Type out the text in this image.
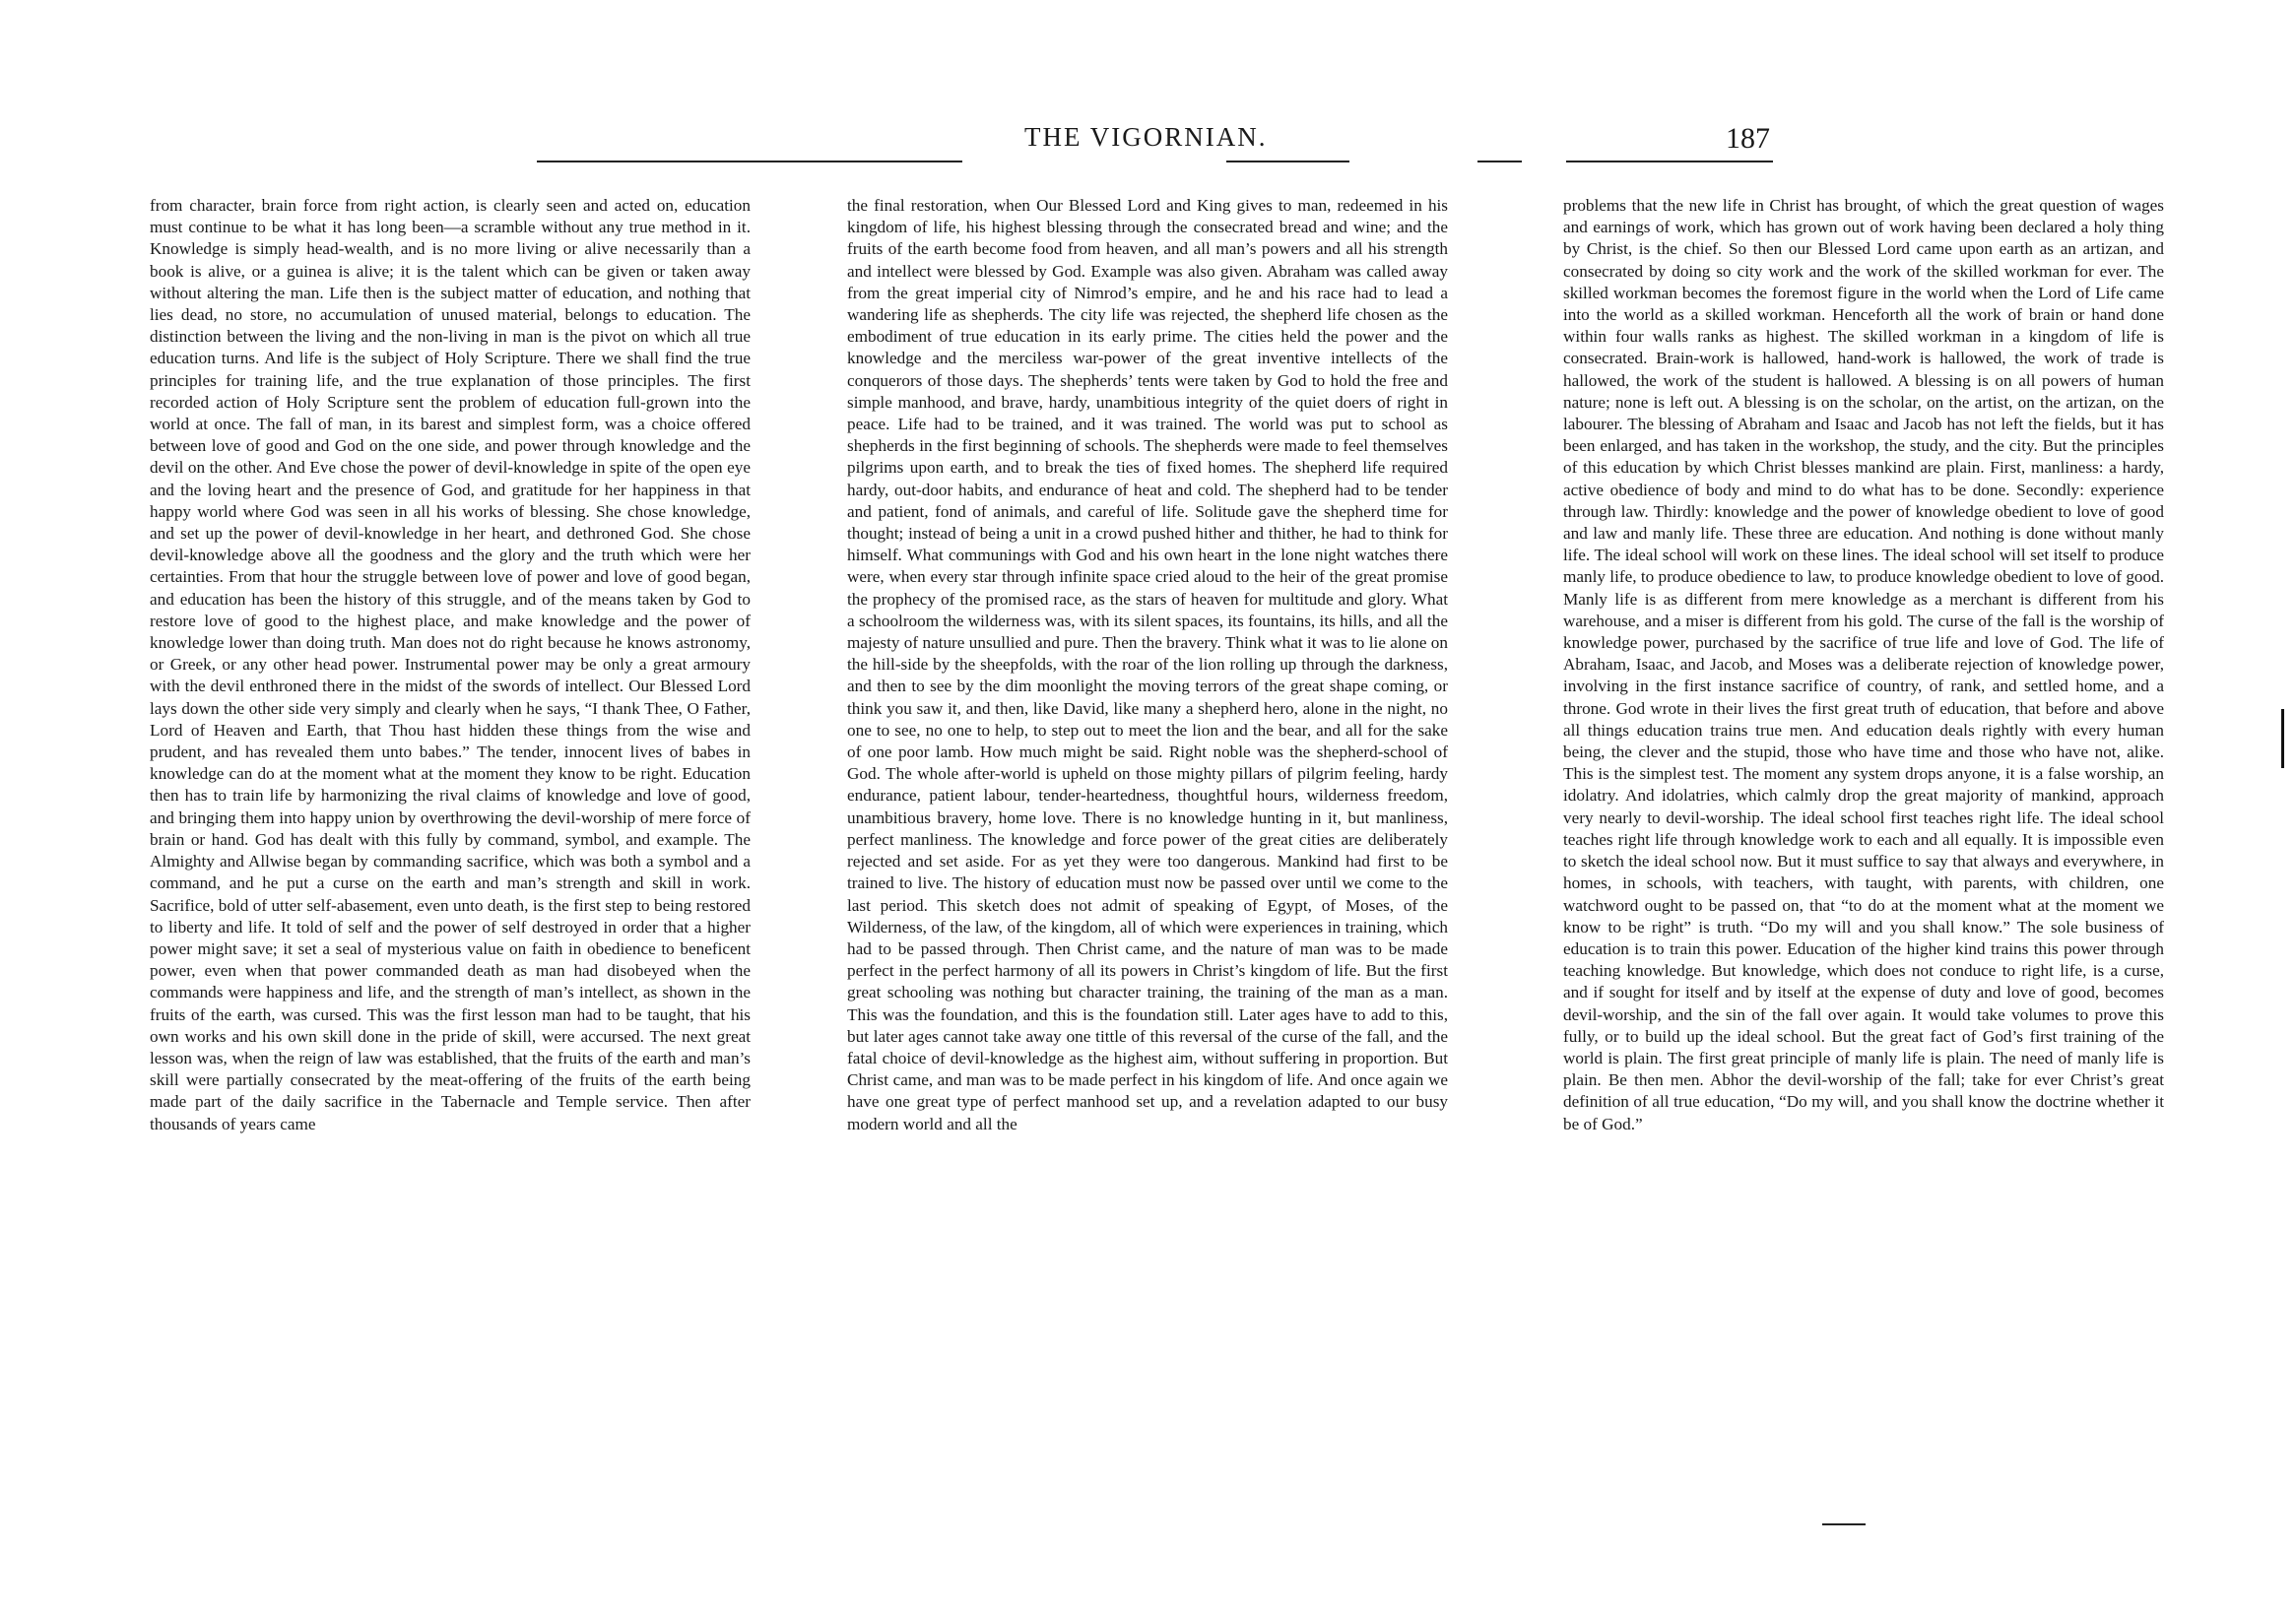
THE VIGORNIAN.	187

from character, brain force from right action, is clearly seen and acted on, education must continue to be what it has long been—a scramble without any true method in it. Knowledge is simply head-wealth, and is no more living or alive necessarily than a book is alive, or a guinea is alive; it is the talent which can be given or taken away without altering the man. Life then is the subject matter of education, and nothing that lies dead, no store, no accumulation of unused material, belongs to education. The distinction between the living and the non-living in man is the pivot on which all true education turns. And life is the subject of Holy Scripture. There we shall find the true principles for training life, and the true explanation of those principles. The first recorded action of Holy Scripture sent the problem of education full-grown into the world at once. The fall of man, in its barest and simplest form, was a choice offered between love of good and God on the one side, and power through knowledge and the devil on the other. And Eve chose the power of devil-knowledge in spite of the open eye and the loving heart and the presence of God, and gratitude for her happiness in that happy world where God was seen in all his works of blessing. She chose knowledge, and set up the power of devil-knowledge in her heart, and dethroned God. She chose devil-knowledge above all the goodness and the glory and the truth which were her certainties. From that hour the struggle between love of power and love of good began, and education has been the history of this struggle, and of the means taken by God to restore love of good to the highest place, and make knowledge and the power of knowledge lower than doing truth. Man does not do right because he knows astronomy, or Greek, or any other head power. Instrumental power may be only a great armoury with the devil enthroned there in the midst of the swords of intellect. Our Blessed Lord lays down the other side very simply and clearly when he says, “I thank Thee, O Father, Lord of Heaven and Earth, that Thou hast hidden these things from the wise and prudent, and has revealed them unto babes.” The tender, innocent lives of babes in knowledge can do at the moment what at the moment they know to be right. Education then has to train life by harmonizing the rival claims of knowledge and love of good, and bringing them into happy union by overthrowing the devil-worship of mere force of brain or hand. God has dealt with this fully by command, symbol, and example. The Almighty and Allwise began by commanding sacrifice, which was both a symbol and a command, and he put a curse on the earth and man’s strength and skill in work. Sacrifice, bold of utter self-abasement, even unto death, is the first step to being restored to liberty and life. It told of self and the power of self destroyed in order that a higher power might save; it set a seal of mysterious value on faith in obedience to beneficent power, even when that power commanded death as man had disobeyed when the commands were happiness and life, and the strength of man’s intellect, as shown in the fruits of the earth, was cursed. This was the first lesson man had to be taught, that his own works and his own skill done in the pride of skill, were accursed. The next great lesson was, when the reign of law was established, that the fruits of the earth and man’s skill were partially consecrated by the meat-offering of the fruits of the earth being made part of the daily sacrifice in the Tabernacle and Temple service. Then after thousands of years came

the final restoration, when Our Blessed Lord and King gives to man, redeemed in his kingdom of life, his highest blessing through the consecrated bread and wine; and the fruits of the earth become food from heaven, and all man’s powers and all his strength and intellect were blessed by God. Example was also given. Abraham was called away from the great imperial city of Nimrod’s empire, and he and his race had to lead a wandering life as shepherds. The city life was rejected, the shepherd life chosen as the embodiment of true education in its early prime. The cities held the power and the knowledge and the merciless war-power of the great inventive intellects of the conquerors of those days. The shepherds’ tents were taken by God to hold the free and simple manhood, and brave, hardy, unambitious integrity of the quiet doers of right in peace. Life had to be trained, and it was trained. The world was put to school as shepherds in the first beginning of schools. The shepherds were made to feel themselves pilgrims upon earth, and to break the ties of fixed homes. The shepherd life required hardy, out-door habits, and endurance of heat and cold. The shepherd had to be tender and patient, fond of animals, and careful of life. Solitude gave the shepherd time for thought; instead of being a unit in a crowd pushed hither and thither, he had to think for himself. What communings with God and his own heart in the lone night watches there were, when every star through infinite space cried aloud to the heir of the great promise the prophecy of the promised race, as the stars of heaven for multitude and glory. What a schoolroom the wilderness was, with its silent spaces, its fountains, its hills, and all the majesty of nature unsullied and pure. Then the bravery. Think what it was to lie alone on the hill-side by the sheepfolds, with the roar of the lion rolling up through the darkness, and then to see by the dim moonlight the moving terrors of the great shape coming, or think you saw it, and then, like David, like many a shepherd hero, alone in the night, no one to see, no one to help, to step out to meet the lion and the bear, and all for the sake of one poor lamb. How much might be said. Right noble was the shepherd-school of God. The whole after-world is upheld on those mighty pillars of pilgrim feeling, hardy endurance, patient labour, tender-heartedness, thoughtful hours, wilderness freedom, unambitious bravery, home love. There is no knowledge hunting in it, but manliness, perfect manliness. The knowledge and force power of the great cities are deliberately rejected and set aside. For as yet they were too dangerous. Mankind had first to be trained to live. The history of education must now be passed over until we come to the last period. This sketch does not admit of speaking of Egypt, of Moses, of the Wilderness, of the law, of the kingdom, all of which were experiences in training, which had to be passed through. Then Christ came, and the nature of man was to be made perfect in the perfect harmony of all its powers in Christ’s kingdom of life. But the first great schooling was nothing but character training, the training of the man as a man. This was the foundation, and this is the foundation still. Later ages have to add to this, but later ages cannot take away one tittle of this reversal of the curse of the fall, and the fatal choice of devil-knowledge as the highest aim, without suffering in proportion. But Christ came, and man was to be made perfect in his kingdom of life. And once again we have one great type of perfect manhood set up, and a revelation adapted to our busy modern world and all the

problems that the new life in Christ has brought, of which the great question of wages and earnings of work, which has grown out of work having been declared a holy thing by Christ, is the chief. So then our Blessed Lord came upon earth as an artizan, and consecrated by doing so city work and the work of the skilled workman for ever. The skilled workman becomes the foremost figure in the world when the Lord of Life came into the world as a skilled workman. Henceforth all the work of brain or hand done within four walls ranks as highest. The skilled workman in a kingdom of life is consecrated. Brain-work is hallowed, hand-work is hallowed, the work of trade is hallowed, the work of the student is hallowed. A blessing is on all powers of human nature; none is left out. A blessing is on the scholar, on the artist, on the artizan, on the labourer. The blessing of Abraham and Isaac and Jacob has not left the fields, but it has been enlarged, and has taken in the workshop, the study, and the city. But the principles of this education by which Christ blesses mankind are plain. First, manliness: a hardy, active obedience of body and mind to do what has to be done. Secondly: experience through law. Thirdly: knowledge and the power of knowledge obedient to love of good and law and manly life. These three are education. And nothing is done without manly life. The ideal school will work on these lines. The ideal school will set itself to produce manly life, to produce obedience to law, to produce knowledge obedient to love of good. Manly life is as different from mere knowledge as a merchant is different from his warehouse, and a miser is different from his gold. The curse of the fall is the worship of knowledge power, purchased by the sacrifice of true life and love of God. The life of Abraham, Isaac, and Jacob, and Moses was a deliberate rejection of knowledge power, involving in the first instance sacrifice of country, of rank, and settled home, and a throne. God wrote in their lives the first great truth of education, that before and above all things education trains true men. And education deals rightly with every human being, the clever and the stupid, those who have time and those who have not, alike. This is the simplest test. The moment any system drops anyone, it is a false worship, an idolatry. And idolatries, which calmly drop the great majority of mankind, approach very nearly to devil-worship. The ideal school first teaches right life. The ideal school teaches right life through knowledge work to each and all equally. It is impossible even to sketch the ideal school now. But it must suffice to say that always and everywhere, in homes, in schools, with teachers, with taught, with parents, with children, one watchword ought to be passed on, that “to do at the moment what at the moment we know to be right” is truth. “Do my will and you shall know.” The sole business of education is to train this power. Education of the higher kind trains this power through teaching knowledge. But knowledge, which does not conduce to right life, is a curse, and if sought for itself and by itself at the expense of duty and love of good, becomes devil-worship, and the sin of the fall over again. It would take volumes to prove this fully, or to build up the ideal school. But the great fact of God’s first training of the world is plain. The first great principle of manly life is plain. The need of manly life is plain. Be then men. Abhor the devil-worship of the fall; take for ever Christ’s great definition of all true education, “Do my will, and you shall know the doctrine whether it be of God.”
